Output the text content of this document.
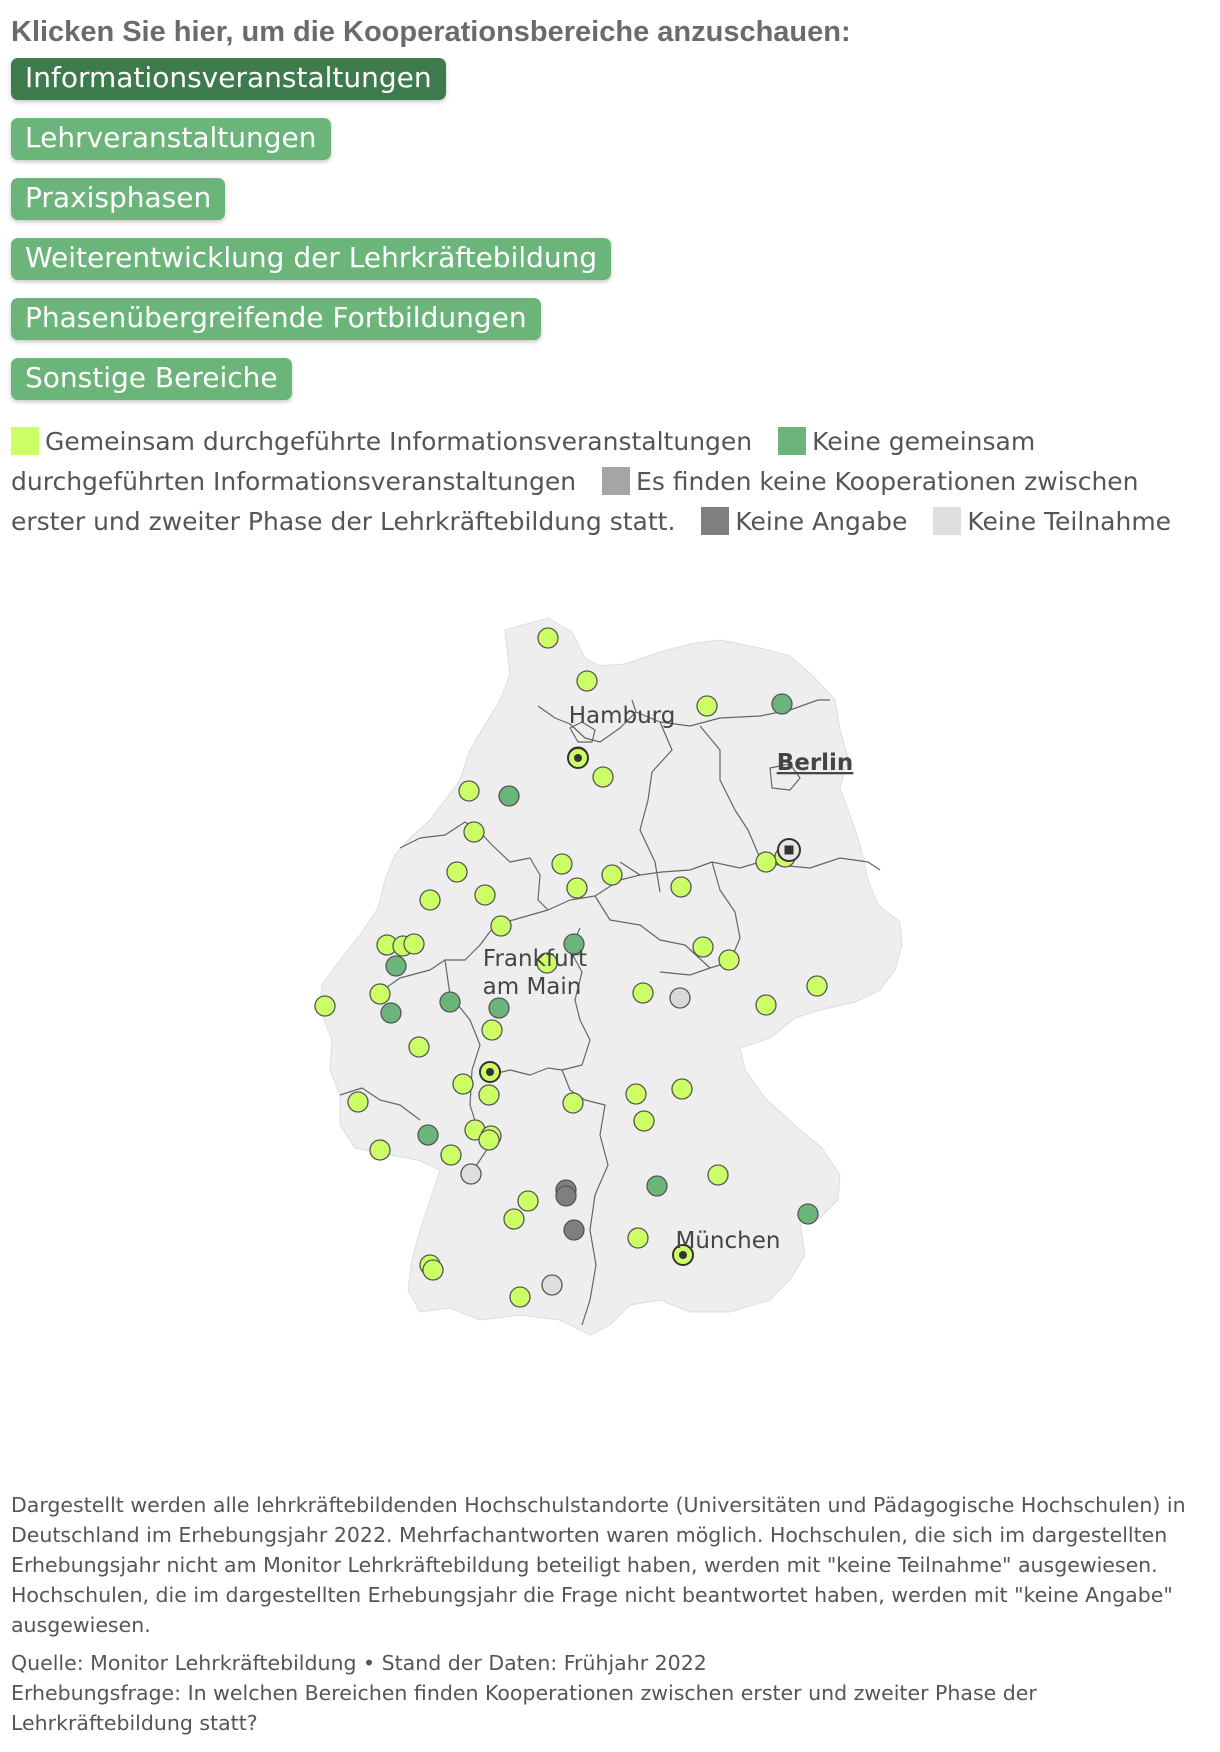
Klicken Sie hier, um die Kooperationsbereiche anzuschauen:
Informationsveranstaltungen
Lehrveranstaltungen
Praxisphasen
Weiterentwicklung der Lehrkräftebildung
Phasenübergreifende Fortbildungen
Sonstige Bereiche
Gemeinsam durchgeführte Informationsveranstaltungen Keine gemeinsam durchgeführten Informationsveranstaltungen Es finden keine Kooperationen zwischen erster und zweiter Phase der Lehrkräftebildung statt. Keine Angabe Keine Teilnahme
Hamburg
Berlin
Frankfurt
am Main
München

Dargestellt werden alle lehrkräftebildenden Hochschulstandorte (Universitäten und Pädagogische Hochschulen) in Deutschland im Erhebungsjahr 2022. Mehrfachantworten waren möglich. Hochschulen, die sich im dargestellten Erhebungsjahr nicht am Monitor Lehrkräftebildung beteiligt haben, werden mit "keine Teilnahme" ausgewiesen. Hochschulen, die im dargestellten Erhebungsjahr die Frage nicht beantwortet haben, werden mit "keine Angabe" ausgewiesen.

Quelle: Monitor Lehrkräftebildung • Stand der Daten: Frühjahr 2022

Erhebungsfrage: In welchen Bereichen finden Kooperationen zwischen erster und zweiter Phase der Lehrkräftebildung statt?
